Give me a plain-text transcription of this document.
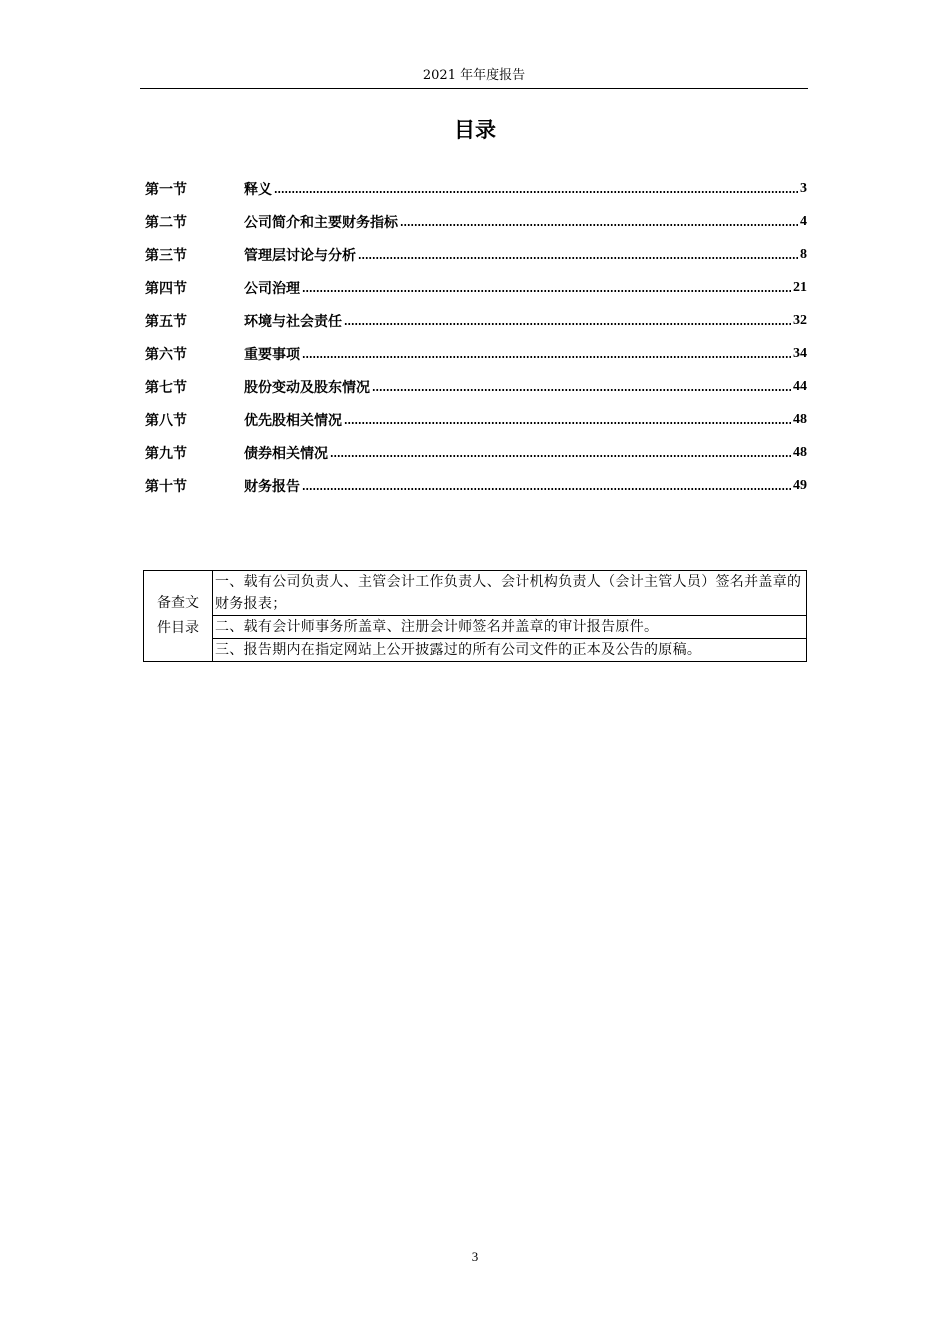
2021 年年度报告
目录
第一节	释义	3
第二节	公司简介和主要财务指标	4
第三节	管理层讨论与分析	8
第四节	公司治理	21
第五节	环境与社会责任	32
第六节	重要事项	34
第七节	股份变动及股东情况	44
第八节	优先股相关情况	48
第九节	债券相关情况	48
第十节	财务报告	49
备查文
件目录
	一、载有公司负责人、主管会计工作负责人、会计机构负责人（会计主管人员）签名并盖章的财务报表；
二、载有会计师事务所盖章、注册会计师签名并盖章的审计报告原件。
三、报告期内在指定网站上公开披露过的所有公司文件的正本及公告的原稿。
3
